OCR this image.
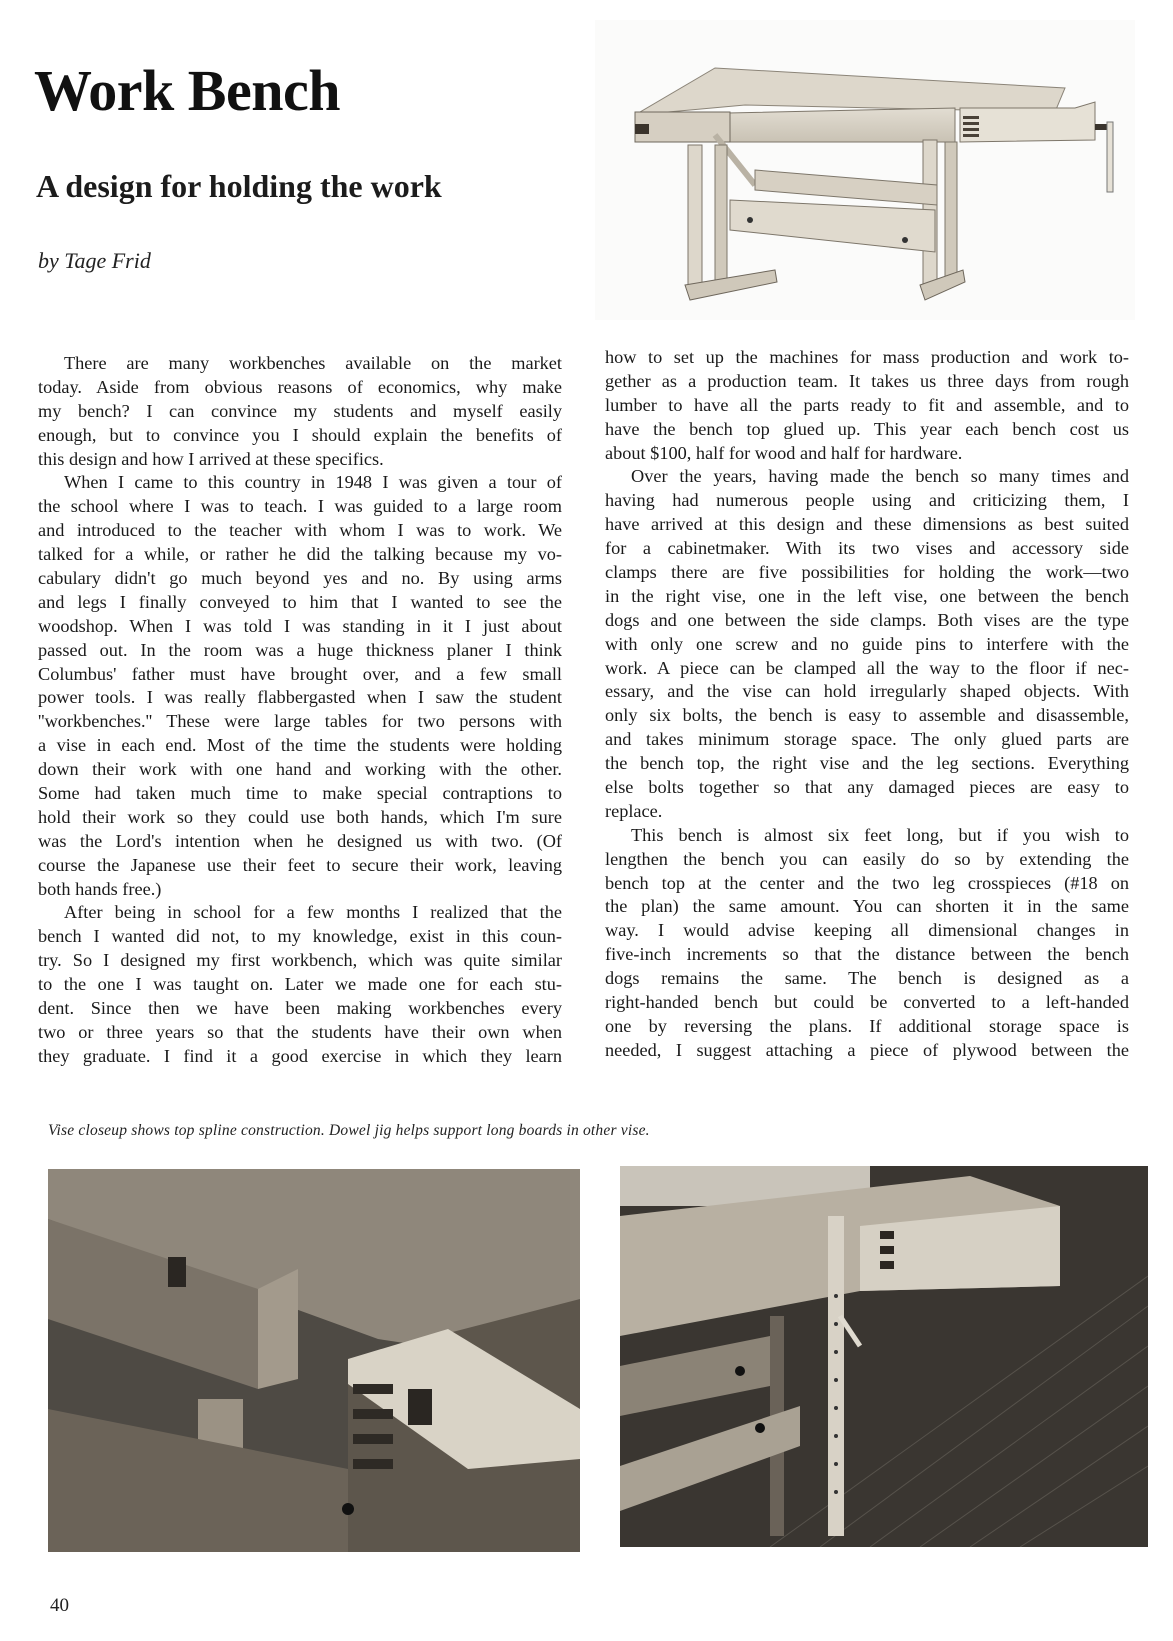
Work Bench
A design for holding the work
by Tage Frid
There are many workbenches available on the market
today. Aside from obvious reasons of economics, why make
my bench? I can convince my students and myself easily
enough, but to convince you I should explain the benefits of
this design and how I arrived at these specifics.
When I came to this country in 1948 I was given a tour of
the school where I was to teach. I was guided to a large room
and introduced to the teacher with whom I was to work. We
talked for a while, or rather he did the talking because my vo-
cabulary didn't go much beyond yes and no. By using arms
and legs I finally conveyed to him that I wanted to see the
woodshop. When I was told I was standing in it I just about
passed out. In the room was a huge thickness planer I think
Columbus' father must have brought over, and a few small
power tools. I was really flabbergasted when I saw the student
''workbenches.'' These were large tables for two persons with
a vise in each end. Most of the time the students were holding
down their work with one hand and working with the other.
Some had taken much time to make special contraptions to
hold their work so they could use both hands, which I'm sure
was the Lord's intention when he designed us with two. (Of
course the Japanese use their feet to secure their work, leaving
both hands free.)
After being in school for a few months I realized that the
bench I wanted did not, to my knowledge, exist in this coun-
try. So I designed my first workbench, which was quite similar
to the one I was taught on. Later we made one for each stu-
dent. Since then we have been making workbenches every
two or three years so that the students have their own when
they graduate. I find it a good exercise in which they learn
how to set up the machines for mass production and work to-
gether as a production team. It takes us three days from rough
lumber to have all the parts ready to fit and assemble, and to
have the bench top glued up. This year each bench cost us
about $100, half for wood and half for hardware.
Over the years, having made the bench so many times and
having had numerous people using and criticizing them, I
have arrived at this design and these dimensions as best suited
for a cabinetmaker. With its two vises and accessory side
clamps there are five possibilities for holding the work—two
in the right vise, one in the left vise, one between the bench
dogs and one between the side clamps. Both vises are the type
with only one screw and no guide pins to interfere with the
work. A piece can be clamped all the way to the floor if nec-
essary, and the vise can hold irregularly shaped objects. With
only six bolts, the bench is easy to assemble and disassemble,
and takes minimum storage space. The only glued parts are
the bench top, the right vise and the leg sections. Everything
else bolts together so that any damaged pieces are easy to
replace.
This bench is almost six feet long, but if you wish to
lengthen the bench you can easily do so by extending the
bench top at the center and the two leg crosspieces (#18 on
the plan) the same amount. You can shorten it in the same
way. I would advise keeping all dimensional changes in
five-inch increments so that the distance between the bench
dogs remains the same. The bench is designed as a
right-handed bench but could be converted to a left-handed
one by reversing the plans. If additional storage space is
needed, I suggest attaching a piece of plywood between the
Vise closeup shows top spline construction. Dowel jig helps support long boards in other vise.
40
